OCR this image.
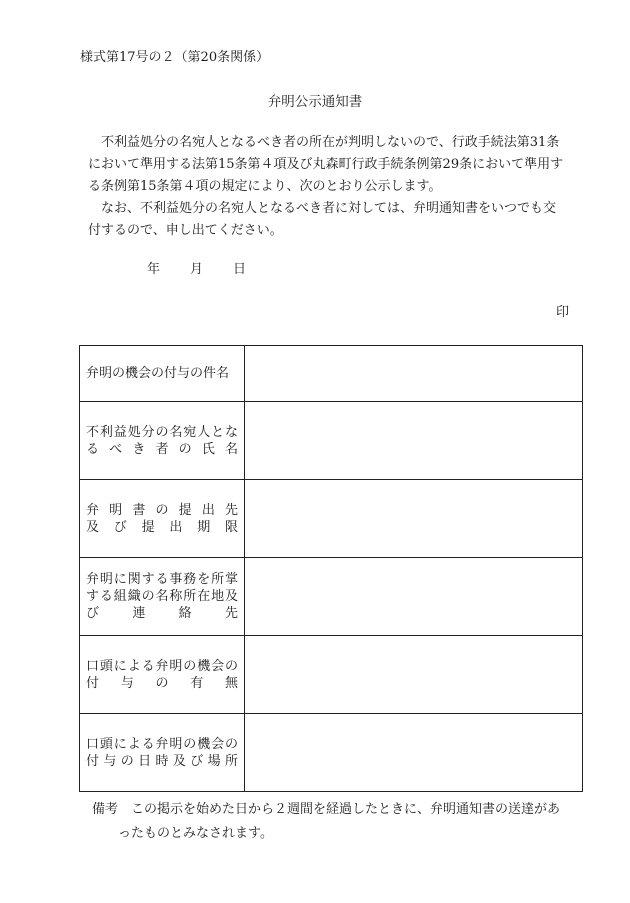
様式第17号の２（第20条関係）
弁明公示通知書
　不利益処分の名宛人となるべき者の所在が判明しないので、行政手続法第31条
において準用する法第15条第４項及び丸森町行政手続条例第29条において準用す
る条例第15条第４項の規定により、次のとおり公示します。
　なお、不利益処分の名宛人となるべき者に対しては、弁明通知書をいつでも交
付するので、申し出てください。
年 月 日
印
弁明の機会の付与の件名	

不利益処分の名宛人とな
るべき者の氏名	

弁明書の提出先
及び提出期限	

弁明に関する事務を所掌
する組織の名称所在地及
び連絡先	

口頭による弁明の機会の
付与の有無	

口頭による弁明の機会の
付与の日時及び場所	

備考　この掲示を始めた日から２週間を経過したときに、弁明通知書の送達があ
ったものとみなされます。
